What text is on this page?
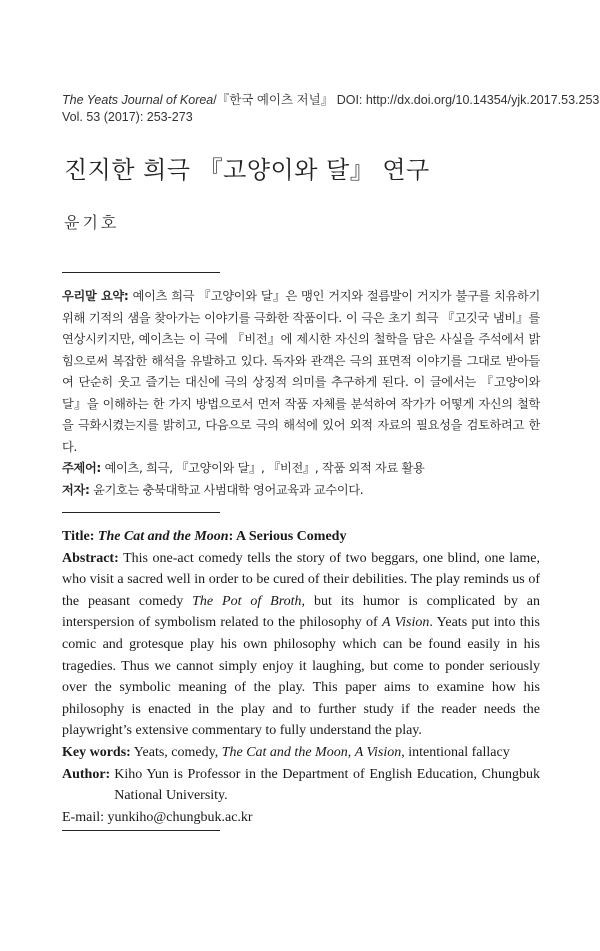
The Yeats Journal of Korea/『한국 예이츠 저널』 DOI: http://dx.doi.org/10.14354/yjk.2017.53.253
Vol. 53 (2017): 253-273
진지한 희극 『고양이와 달』 연구
윤기호

우리말 요약: 예이츠 희극 『고양이와 달』은 맹인 거지와 절름발이 거지가 불구를 치유하기 위해 기적의 샘을 찾아가는 이야기를 극화한 작품이다. 이 극은 초기 희극 『고깃국 냄비』를 연상시키지만, 예이츠는 이 극에 『비전』에 제시한 자신의 철학을 담은 사실을 주석에서 밝힘으로써 복잡한 해석을 유발하고 있다. 독자와 관객은 극의 표면적 이야기를 그대로 받아들여 단순히 웃고 즐기는 대신에 극의 상징적 의미를 추구하게 된다. 이 글에서는 『고양이와 달』을 이해하는 한 가지 방법으로서 먼저 작품 자체를 분석하여 작가가 어떻게 자신의 철학을 극화시켰는지를 밝히고, 다음으로 극의 해석에 있어 외적 자료의 필요성을 검토하려고 한다.

주제어: 예이츠, 희극, 『고양이와 달』, 『비전』, 작품 외적 자료 활용

저자: 윤기호는 충북대학교 사범대학 영어교육과 교수이다.

Title: The Cat and the Moon: A Serious Comedy

Abstract: This one-act comedy tells the story of two beggars, one blind, one lame, who visit a sacred well in order to be cured of their debilities. The play reminds us of the peasant comedy The Pot of Broth, but its humor is complicated by an interspersion of symbolism related to the philosophy of A Vision. Yeats put into this comic and grotesque play his own philosophy which can be found easily in his tragedies. Thus we cannot simply enjoy it laughing, but come to ponder seriously over the symbolic meaning of the play. This paper aims to examine how his philosophy is enacted in the play and to further study if the reader needs the playwright’s extensive commentary to fully understand the play.

Key words: Yeats, comedy, The Cat and the Moon, A Vision, intentional fallacy

Author: Kiho Yun is Professor in the Department of English Education, Chungbuk National University.

E-mail: yunkiho@chungbuk.ac.kr
